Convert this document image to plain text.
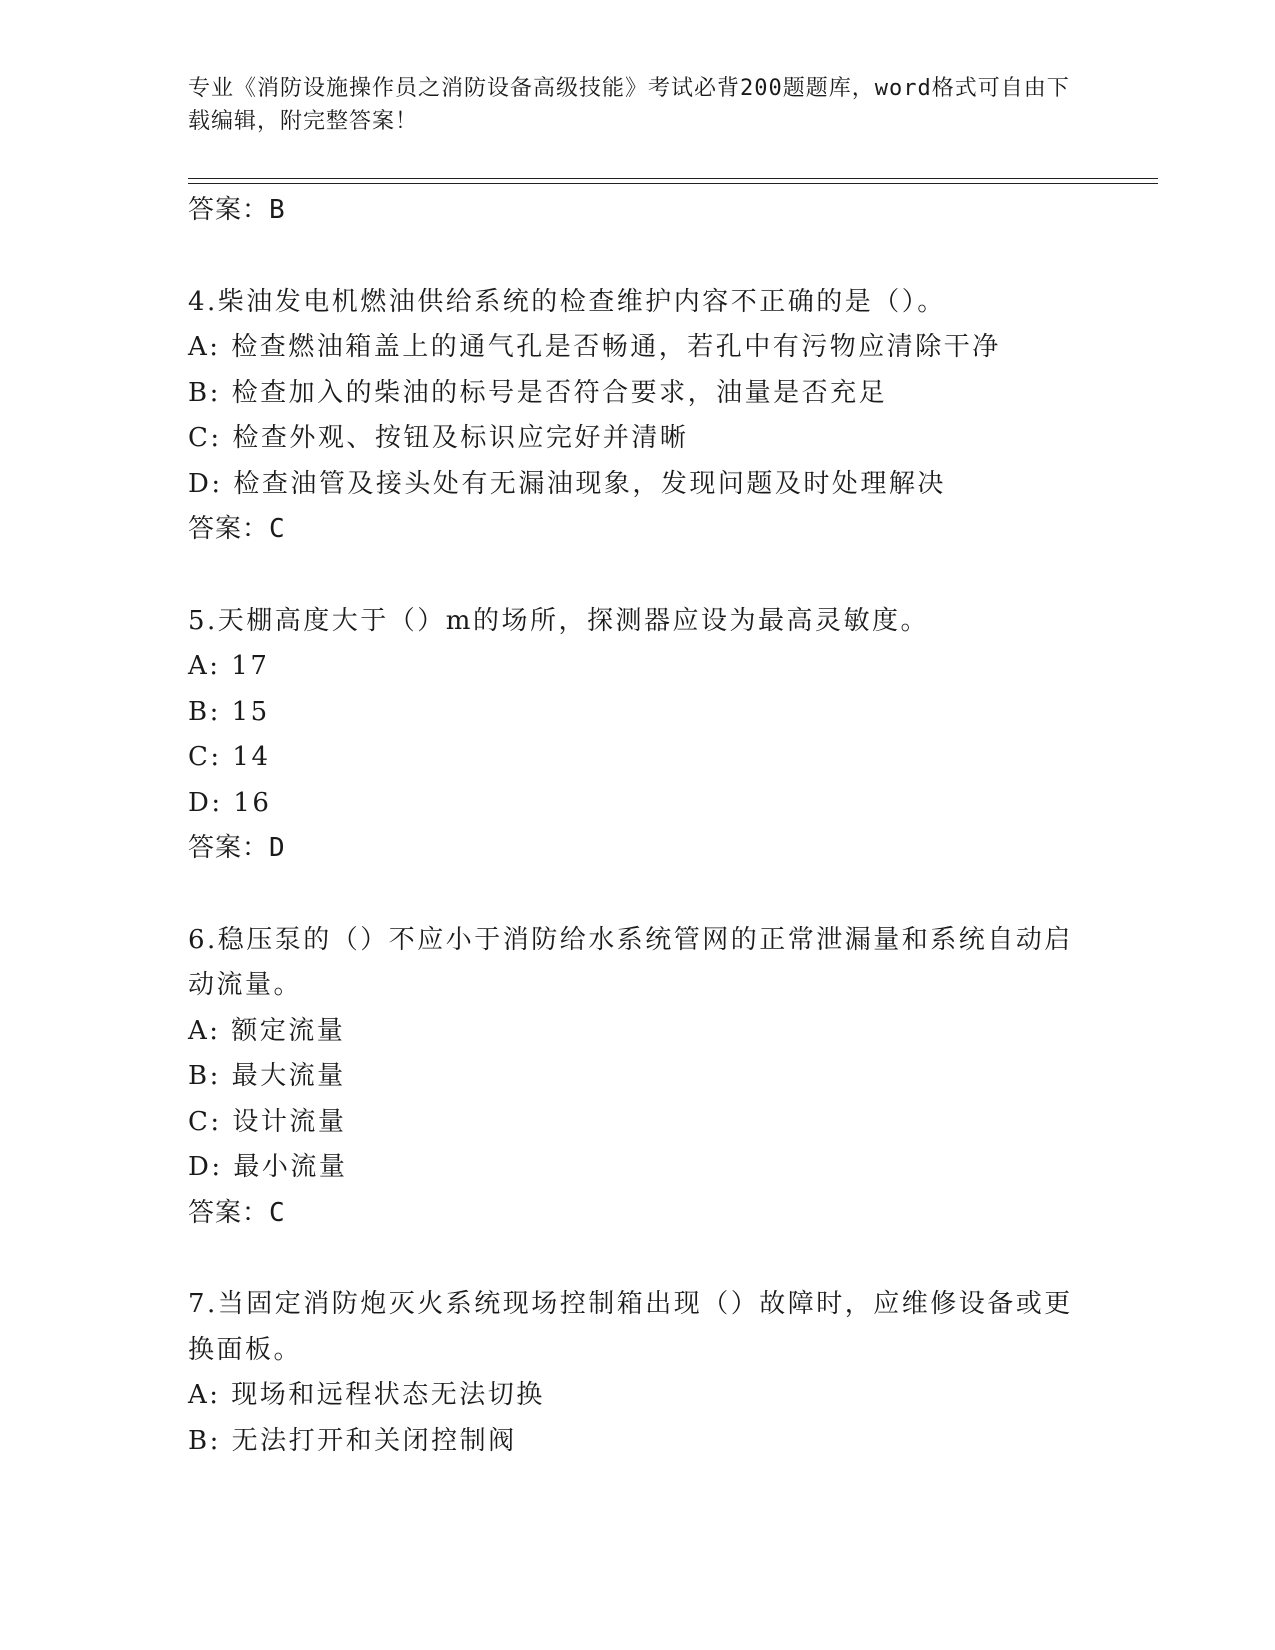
专业《消防设施操作员之消防设备高级技能》考试必背200题题库，word格式可自由下载编辑，附完整答案！
答案：B
4.柴油发电机燃油供给系统的检查维护内容不正确的是（）。
A: 检查燃油箱盖上的通气孔是否畅通，若孔中有污物应清除干净
B: 检查加入的柴油的标号是否符合要求，油量是否充足
C: 检查外观、按钮及标识应完好并清晰
D: 检查油管及接头处有无漏油现象，发现问题及时处理解决
答案：C
5.天棚高度大于（）m的场所，探测器应设为最高灵敏度。
A: 17
B: 15
C: 14
D: 16
答案：D
6.稳压泵的（）不应小于消防给水系统管网的正常泄漏量和系统自动启动流量。
A: 额定流量
B: 最大流量
C: 设计流量
D: 最小流量
答案：C
7.当固定消防炮灭火系统现场控制箱出现（）故障时，应维修设备或更换面板。
A: 现场和远程状态无法切换
B: 无法打开和关闭控制阀
